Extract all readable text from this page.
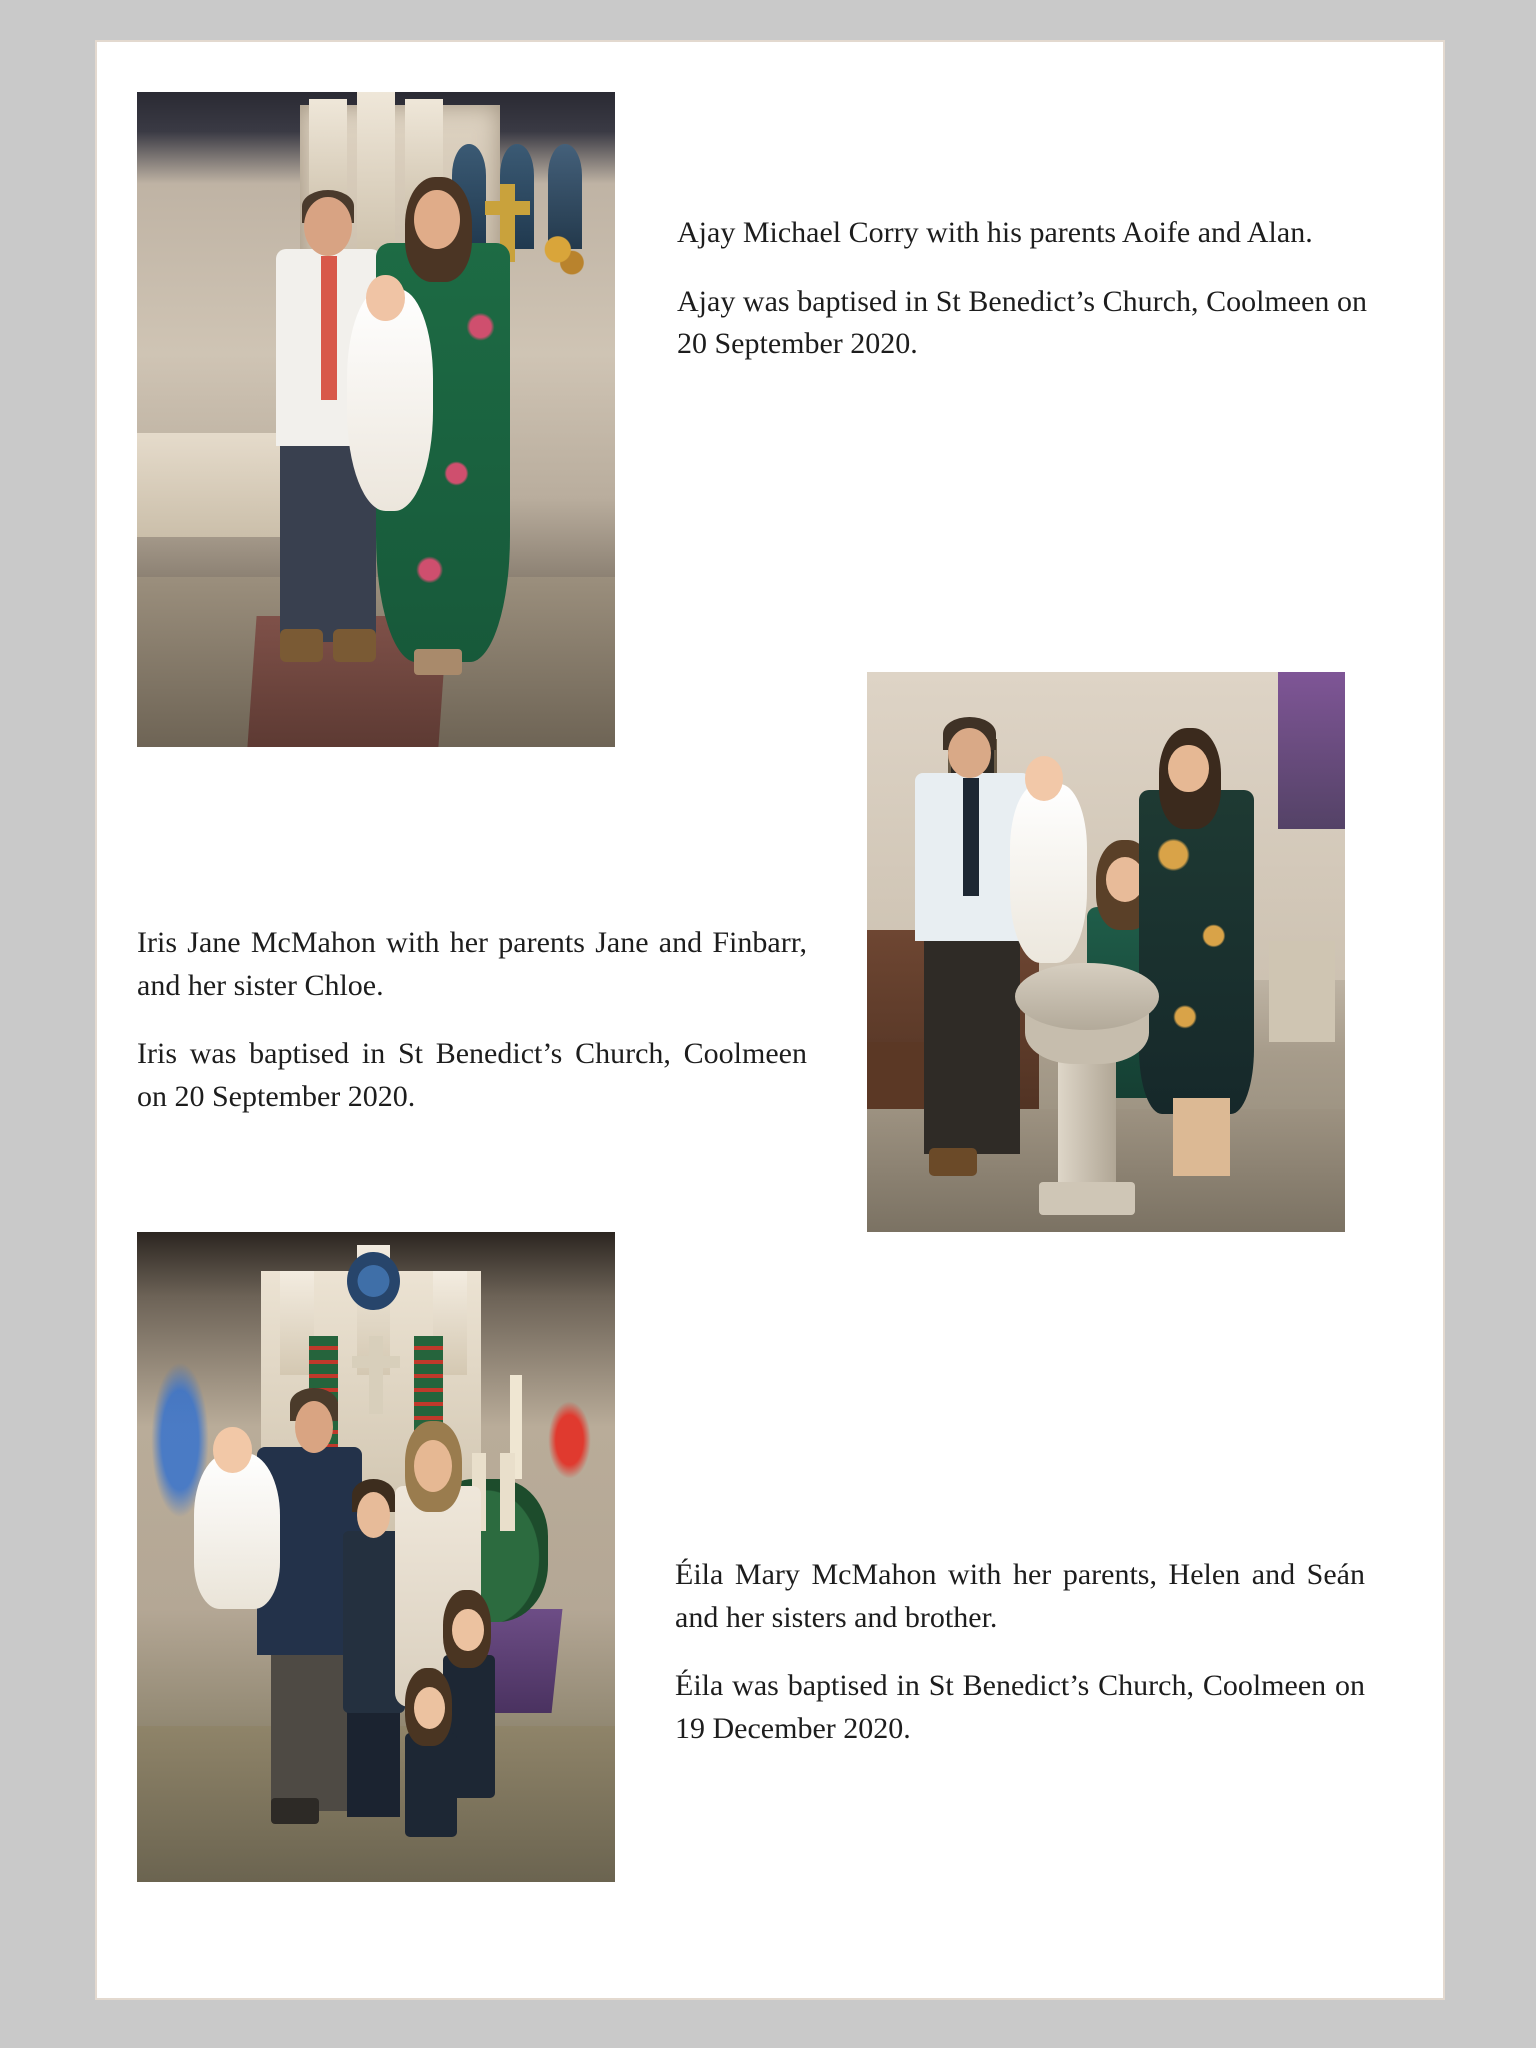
Ajay Michael Corry with his parents Aoife and Alan.

Ajay was baptised in St Benedict’s Church, Coolmeen on 20 September 2020.

Iris Jane McMahon with her parents Jane and Finbarr, and her sister Chloe.

Iris was baptised in St Benedict’s Church, Coolmeen on 20 September 2020.

Éila Mary McMahon with her parents, Helen and Seán and her sisters and brother.

Éila was baptised in St Benedict’s Church, Coolmeen on 19 December 2020.
